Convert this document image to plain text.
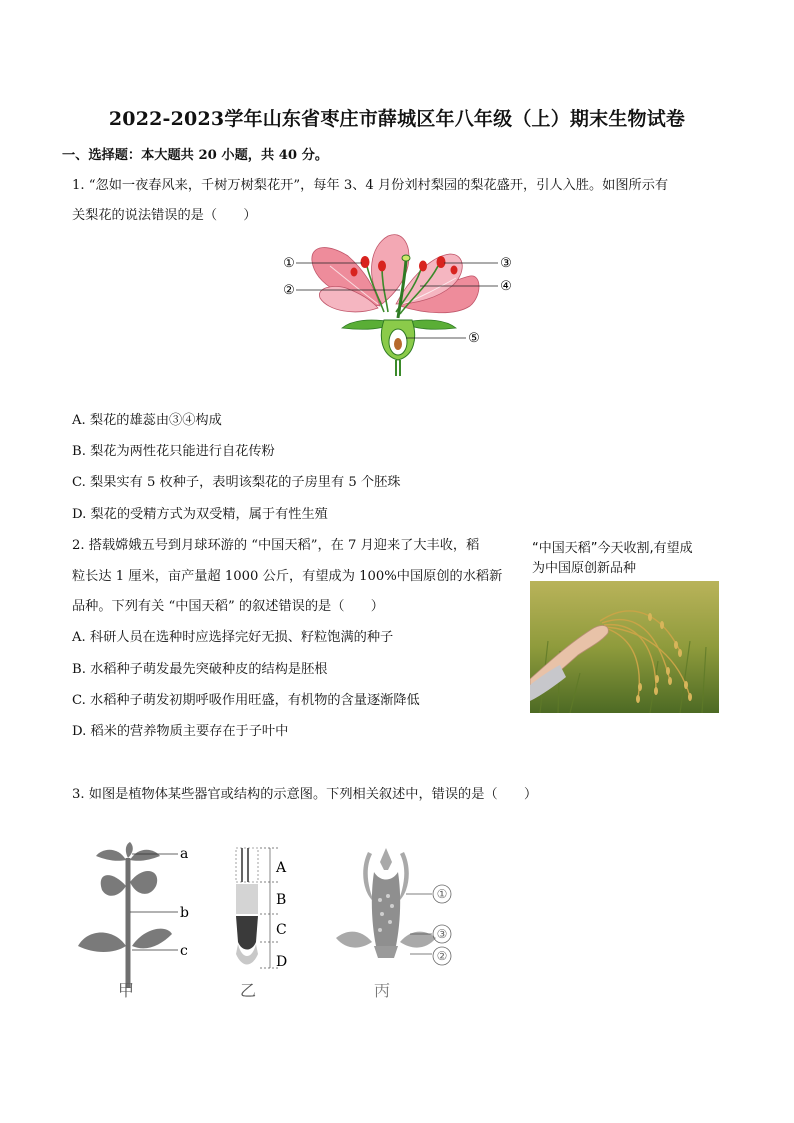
2022-2023学年山东省枣庄市薛城区年八年级（上）期末生物试卷
一、选择题：本大题共 20 小题，共 40 分。
1. “忽如一夜春风来，千树万树梨花开”，每年 3、4 月份刘村梨园的梨花盛开，引人入胜。如图所示有
关梨花的说法错误的是（　　）
①
②
③
④
⑤
A. 梨花的雄蕊由③④构成
B. 梨花为两性花只能进行自花传粉
C. 梨果实有 5 枚种子，表明该梨花的子房里有 5 个胚珠
D. 梨花的受精方式为双受精，属于有性生殖
2. 搭载嫦娥五号到月球环游的 “中国天稻”，在 7 月迎来了大丰收，稻
粒长达 1 厘米，亩产量超 1000 公斤，有望成为 100%中国原创的水稻新
品种。下列有关 “中国天稻” 的叙述错误的是（　　）
A. 科研人员在选种时应选择完好无损、籽粒饱满的种子
B. 水稻种子萌发最先突破种皮的结构是胚根
C. 水稻种子萌发初期呼吸作用旺盛，有机物的含量逐渐降低
D. 稻米的营养物质主要存在于子叶中
“中国天稻”今天收割,有望成
为中国原创新品种
3. 如图是植物体某些器官或结构的示意图。下列相关叙述中，错误的是（　　）
a
b
c
甲
A
B
C
D
乙
①
③
②
丙
